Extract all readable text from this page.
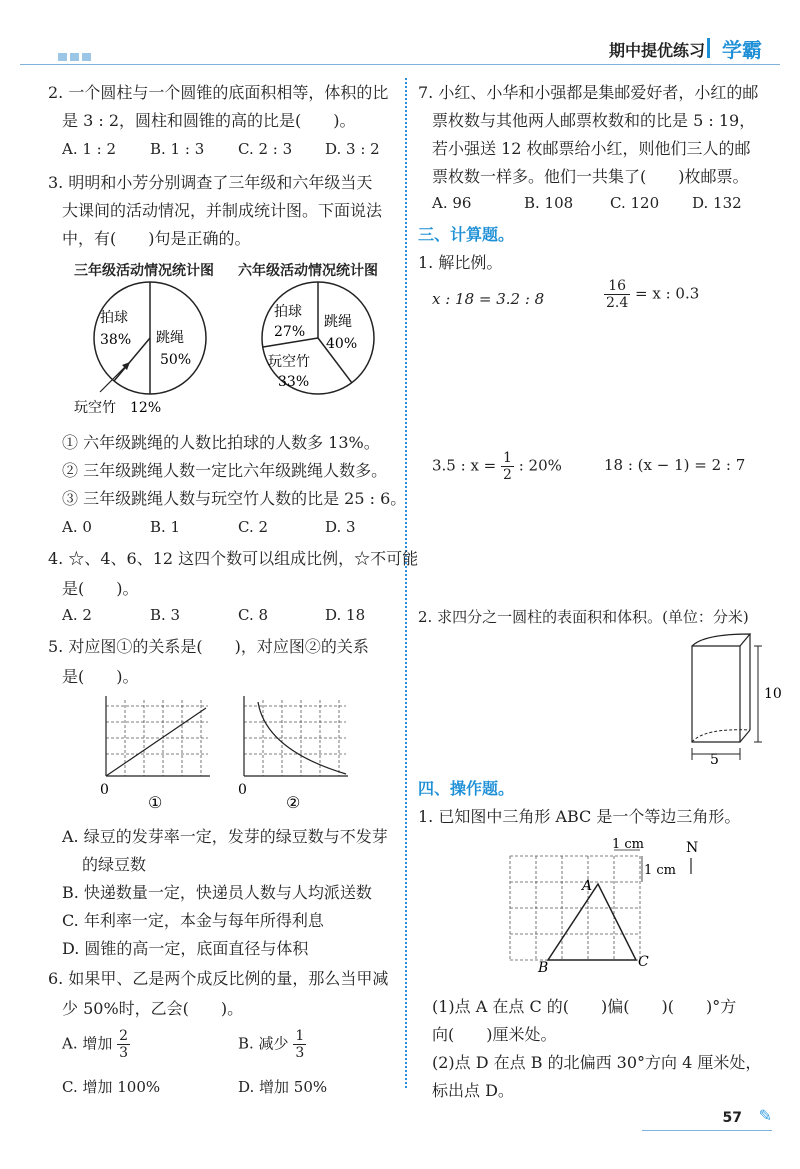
期中提优练习 学霸
2. 一个圆柱与一个圆锥的底面积相等，体积的比
是 3 : 2，圆柱和圆锥的高的比是(　　)。
A. 1 : 2 B. 1 : 3 C. 2 : 3 D. 3 : 2
3. 明明和小芳分别调查了三年级和六年级当天
大课间的活动情况，并制成统计图。下面说法
中，有(　　)句是正确的。
三年级活动情况统计图 六年级活动情况统计图
拍球
38% 跳绳
50%
玩空竹 12%
拍球
27%
跳绳
40%
玩空竹
33%
① 六年级跳绳的人数比拍球的人数多 13%。
② 三年级跳绳人数一定比六年级跳绳人数多。
③ 三年级跳绳人数与玩空竹人数的比是 25 : 6。
A. 0	B. 1	C. 2	D. 3
4. ☆、4、6、12 这四个数可以组成比例，☆不可能
是(　　)。
A. 2	B. 3	C. 8	D. 18
5. 对应图①的关系是(　　)，对应图②的关系
是(　　)。
0
①
0
②
A. 绿豆的发芽率一定，发芽的绿豆数与不发芽
的绿豆数
B. 快递数量一定，快递员人数与人均派送数
C. 年利率一定，本金与每年所得利息
D. 圆锥的高一定，底面直径与体积
6. 如果甲、乙是两个成反比例的量，那么当甲减
少 50%时，乙会(　　)。
A. 增加 $\frac{2}{3}$	B. 减少 $\frac{1}{3}$
C. 增加 100%	D. 增加 50%
7. 小红、小华和小强都是集邮爱好者，小红的邮
票枚数与其他两人邮票枚数和的比是 5 : 19，
若小强送 12 枚邮票给小红，则他们三人的邮
票枚数一样多。他们一共集了(　　)枚邮票。
A. 96	B. 108 C. 120 D. 132
三、计算题。
1. 解比例。
x : 18 = 3.2 : 8	$\frac{16}{2.4} = x$ : 0.3
3.5 : $x = \frac{1}{2}$ : 20%	18 : (x − 1) = 2 : 7
2. 求四分之一圆柱的表面积和体积。(单位：分米)
10
5
四、操作题。
1. 已知图中三角形 ABC 是一个等边三角形。
1 cm
1 cm
N
A
B	C
(1)点 A 在点 C 的(　　)偏(　　)(　　)°方
向(　　)厘米处。
(2)点 D 在点 B 的北偏西 30°方向 4 厘米处，
标出点 D。
57 ✎
